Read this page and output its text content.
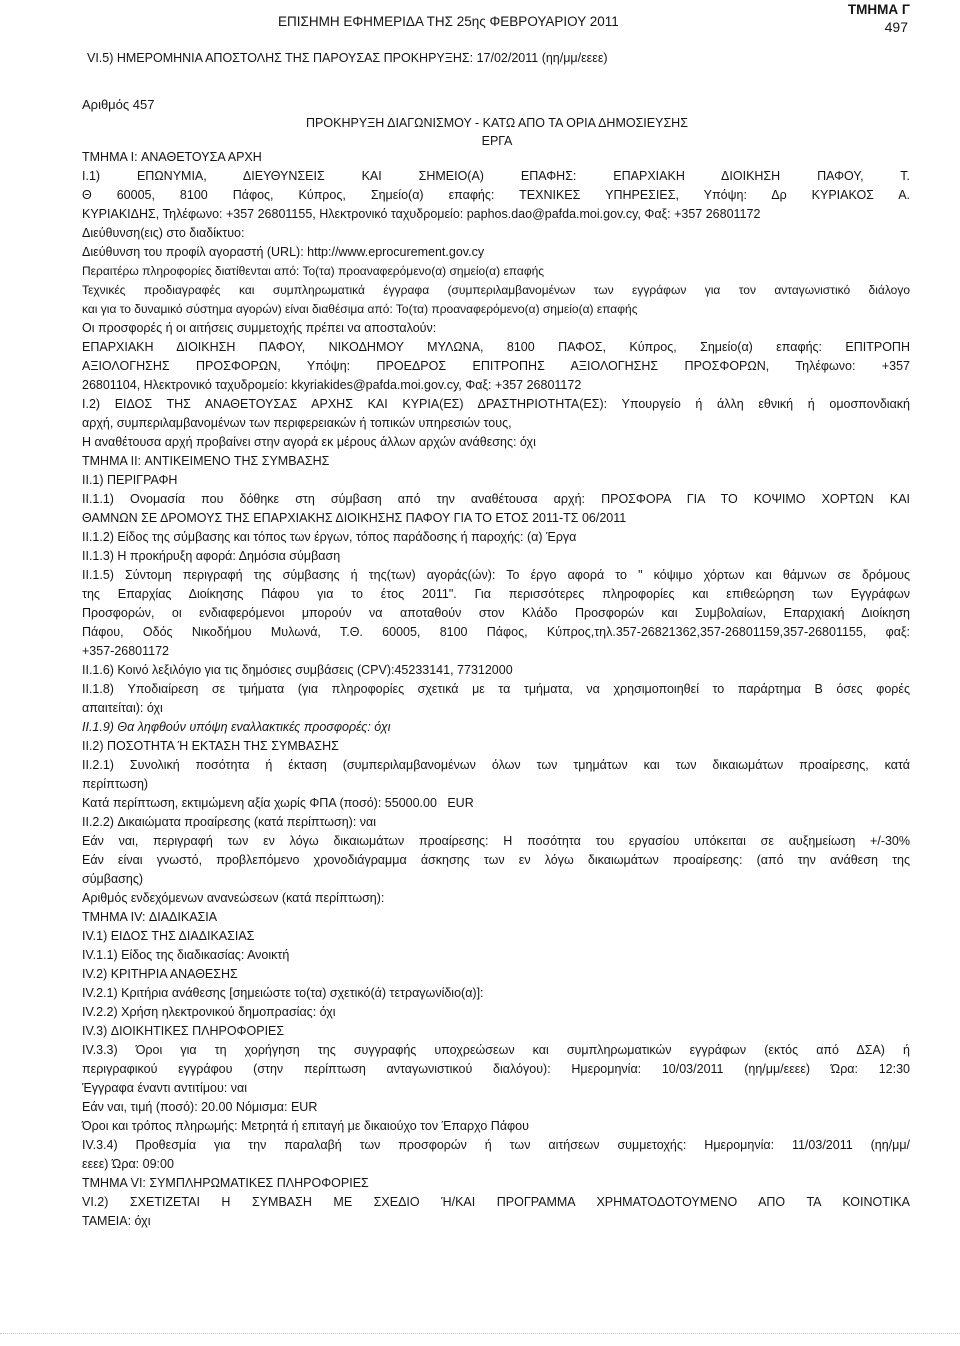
ΕΠΙΣΗΜΗ ΕΦΗΜΕΡΙΔΑ ΤΗΣ 25ης ΦΕΒΡΟΥΑΡΙΟΥ 2011
ΤΜΗΜΑ Γ
497
VI.5) ΗΜΕΡΟΜΗΝΙΑ ΑΠΟΣΤΟΛΗΣ ΤΗΣ ΠΑΡΟΥΣΑΣ ΠΡΟΚΗΡΥΞΗΣ: 17/02/2011 (ηη/μμ/εεεε)
Αριθμός 457
ΠΡΟΚΗΡΥΞΗ ΔΙΑΓΩΝΙΣΜΟΥ - ΚΑΤΩ ΑΠΟ ΤΑ ΟΡΙΑ ΔΗΜΟΣΙΕΥΣΗΣ
ΕΡΓΑ
ΤΜΗΜΑ I: ΑΝΑΘΕΤΟΥΣΑ ΑΡΧΗ
I.1) ΕΠΩΝΥΜΙΑ, ΔΙΕΥΘΥΝΣΕΙΣ ΚΑΙ ΣΗΜΕΙΟ(Α) ΕΠΑΦΗΣ: ΕΠΑΡΧΙΑΚΗ ΔΙΟΙΚΗΣΗ ΠΑΦΟΥ, Τ.
Θ 60005, 8100 Πάφος, Κύπρος, Σημείο(α) επαφής: ΤΕΧΝΙΚΕΣ ΥΠΗΡΕΣΙΕΣ, Υπόψη: Δρ ΚΥΡΙΑΚΟΣ Α.
ΚΥΡΙΑΚΙΔΗΣ, Τηλέφωνο: +357 26801155, Ηλεκτρονικό ταχυδρομείο: paphos.dao@pafda.moi.gov.cy, Φαξ: +357 26801172
Διεύθυνση(εις) στο διαδίκτυο:
Διεύθυνση του προφίλ αγοραστή (URL): http://www.eprocurement.gov.cy
Περαιτέρω πληροφορίες διατίθενται από: Το(τα) προαναφερόμενο(α) σημείο(α) επαφής
Τεχνικές προδιαγραφές και συμπληρωματικά έγγραφα (συμπεριλαμβανομένων των εγγράφων για τον ανταγωνιστικό διάλογο
και για το δυναμικό σύστημα αγορών) είναι διαθέσιμα από: Το(τα) προαναφερόμενο(α) σημείο(α) επαφής
Οι προσφορές ή οι αιτήσεις συμμετοχής πρέπει να αποσταλούν:
ΕΠΑΡΧΙΑΚΗ ΔΙΟΙΚΗΣΗ ΠΑΦΟΥ, ΝΙΚΟΔΗΜΟΥ ΜΥΛΩΝΑ, 8100 ΠΑΦΟΣ, Κύπρος, Σημείο(α) επαφής: ΕΠΙΤΡΟΠΗ
ΑΞΙΟΛΟΓΗΣΗΣ ΠΡΟΣΦΟΡΩΝ, Υπόψη: ΠΡΟΕΔΡΟΣ ΕΠΙΤΡΟΠΗΣ ΑΞΙΟΛΟΓΗΣΗΣ ΠΡΟΣΦΟΡΩΝ, Τηλέφωνο: +357
26801104, Ηλεκτρονικό ταχυδρομείο: kkyriakides@pafda.moi.gov.cy, Φαξ: +357 26801172
I.2) ΕΙΔΟΣ ΤΗΣ ΑΝΑΘΕΤΟΥΣΑΣ ΑΡΧΗΣ ΚΑΙ ΚΥΡΙΑ(ΕΣ) ΔΡΑΣΤΗΡΙΟΤΗΤΑ(ΕΣ): Υπουργείο ή άλλη εθνική ή ομοσπονδιακή
αρχή, συμπεριλαμβανομένων των περιφερειακών ή τοπικών υπηρεσιών τους,
Η αναθέτουσα αρχή προβαίνει στην αγορά εκ μέρους άλλων αρχών ανάθεσης: όχι
ΤΜΗΜΑ II: ΑΝΤΙΚΕΙΜΕΝΟ ΤΗΣ ΣΥΜΒΑΣΗΣ
II.1) ΠΕΡΙΓΡΑΦΗ
II.1.1) Ονομασία που δόθηκε στη σύμβαση από την αναθέτουσα αρχή: ΠΡΟΣΦΟΡΑ ΓΙΑ ΤΟ ΚΟΨΙΜΟ ΧΟΡΤΩΝ ΚΑΙ
ΘΑΜΝΩΝ ΣΕ ΔΡΟΜΟΥΣ ΤΗΣ ΕΠΑΡΧΙΑΚΗΣ ΔΙΟΙΚΗΣΗΣ ΠΑΦΟΥ ΓΙΑ ΤΟ ΕΤΟΣ 2011-ΤΣ 06/2011
II.1.2) Είδος της σύμβασης και τόπος των έργων, τόπος παράδοσης ή παροχής: (α) Έργα
II.1.3) Η προκήρυξη αφορά: Δημόσια σύμβαση
II.1.5) Σύντομη περιγραφή της σύμβασης ή της(των) αγοράς(ών): Το έργο αφορά το " κόψιμο χόρτων και θάμνων σε δρόμους
της Επαρχίας Διοίκησης Πάφου για το έτος 2011". Για περισσότερες πληροφορίες και επιθεώρηση των Εγγράφων
Προσφορών, οι ενδιαφερόμενοι μπορούν να αποταθούν στον Κλάδο Προσφορών και Συμβολαίων, Επαρχιακή Διοίκηση
Πάφου, Οδός Νικοδήμου Μυλωνά, Τ.Θ. 60005, 8100 Πάφος, Κύπρος,τηλ.357-26821362,357-26801159,357-26801155, φαξ:
+357-26801172
II.1.6) Κοινό λεξιλόγιο για τις δημόσιες συμβάσεις (CPV):45233141, 77312000
II.1.8) Υποδιαίρεση σε τμήματα (για πληροφορίες σχετικά με τα τμήματα, να χρησιμοποιηθεί το παράρτημα Β όσες φορές
απαιτείται): όχι
II.1.9) Θα ληφθούν υπόψη εναλλακτικές προσφορές: όχι
II.2) ΠΟΣΟΤΗΤΑ Ή ΕΚΤΑΣΗ ΤΗΣ ΣΥΜΒΑΣΗΣ
II.2.1) Συνολική ποσότητα ή έκταση (συμπεριλαμβανομένων όλων των τμημάτων και των δικαιωμάτων προαίρεσης, κατά
περίπτωση)
Κατά περίπτωση, εκτιμώμενη αξία χωρίς ΦΠΑ (ποσό): 55000.00   EUR
II.2.2) Δικαιώματα προαίρεσης (κατά περίπτωση): ναι
Εάν ναι, περιγραφή των εν λόγω δικαιωμάτων προαίρεσης: Η ποσότητα του εργασίου υπόκειται σε αυξημείωση +/-30%
Εάν είναι γνωστό, προβλεπόμενο χρονοδιάγραμμα άσκησης των εν λόγω δικαιωμάτων προαίρεσης: (από την ανάθεση της
σύμβασης)
Αριθμός ενδεχόμενων ανανεώσεων (κατά περίπτωση):
ΤΜΗΜΑ IV: ΔΙΑΔΙΚΑΣΙΑ
IV.1) ΕΙΔΟΣ ΤΗΣ ΔΙΑΔΙΚΑΣΙΑΣ
IV.1.1) Είδος της διαδικασίας: Ανοικτή
IV.2) ΚΡΙΤΗΡΙΑ ΑΝΑΘΕΣΗΣ
IV.2.1) Κριτήρια ανάθεσης [σημειώστε το(τα) σχετικό(ά) τετραγωνίδιο(α)]:
IV.2.2) Χρήση ηλεκτρονικού δημοπρασίας: όχι
IV.3) ΔΙΟΙΚΗΤΙΚΕΣ ΠΛΗΡΟΦΟΡΙΕΣ
IV.3.3) Όροι για τη χορήγηση της συγγραφής υποχρεώσεων και συμπληρωματικών εγγράφων (εκτός από ΔΣΑ) ή
περιγραφικού εγγράφου (στην περίπτωση ανταγωνιστικού διαλόγου): Ημερομηνία: 10/03/2011 (ηη/μμ/εεεε) Ώρα: 12:30
Έγγραφα έναντι αντιτίμου: ναι
Εάν ναι, τιμή (ποσό): 20.00 Νόμισμα: EUR
Όροι και τρόπος πληρωμής: Μετρητά ή επιταγή με δικαιούχο τον Έπαρχο Πάφου
IV.3.4) Προθεσμία για την παραλαβή των προσφορών ή των αιτήσεων συμμετοχής: Ημερομηνία: 11/03/2011 (ηη/μμ/
εεεε) Ώρα: 09:00
ΤΜΗΜΑ VI: ΣΥΜΠΛΗΡΩΜΑΤΙΚΕΣ ΠΛΗΡΟΦΟΡΙΕΣ
VI.2) ΣΧΕΤΙΖΕΤΑΙ Η ΣΥΜΒΑΣΗ ΜΕ ΣΧΕΔΙΟ Ή/ΚΑΙ ΠΡΟΓΡΑΜΜΑ ΧΡΗΜΑΤΟΔΟΤΟΥΜΕΝΟ ΑΠΟ ΤΑ ΚΟΙΝΟΤΙΚΑ
ΤΑΜΕΙΑ: όχι
